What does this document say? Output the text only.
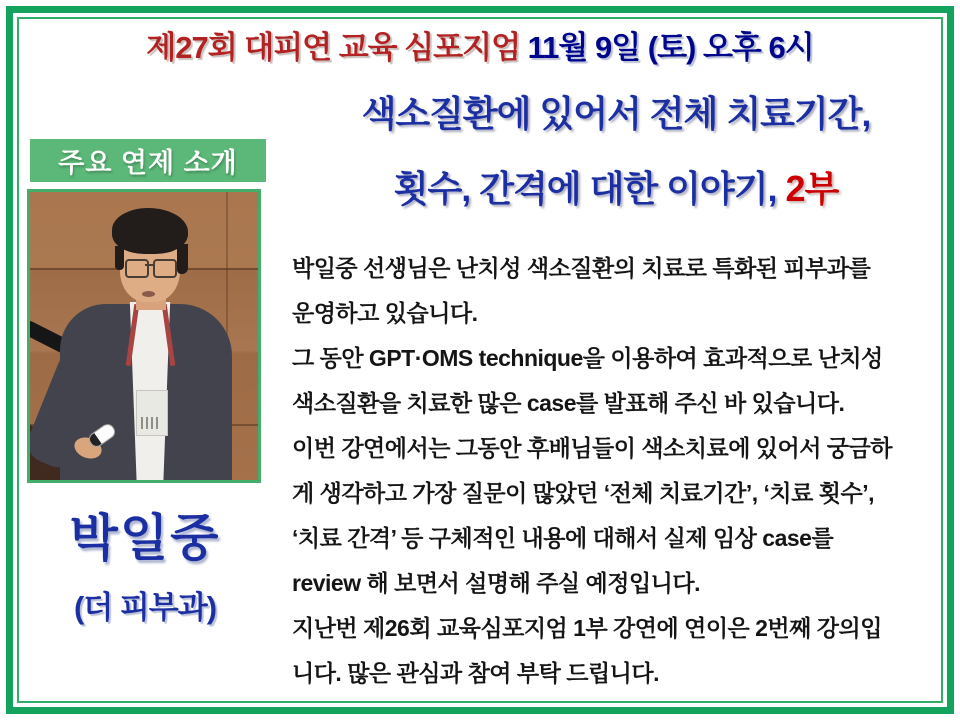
제27회 대피연 교육 심포지엄 11월 9일 (토) 오후 6시
주요 연제 소개
박일중
(더 피부과)
색소질환에 있어서 전체 치료기간,
횟수, 간격에 대한 이야기, 2부
박일중 선생님은 난치성 색소질환의 치료로 특화된 피부과를
운영하고 있습니다.
그 동안 GPT·OMS technique을 이용하여 효과적으로 난치성
색소질환을 치료한 많은 case를 발표해 주신 바 있습니다.
이번 강연에서는 그동안 후배님들이 색소치료에 있어서 궁금하
게 생각하고 가장 질문이 많았던 ‘전체 치료기간’, ‘치료 횟수’,
‘치료 간격’ 등 구체적인 내용에 대해서 실제 임상 case를
review 해 보면서 설명해 주실 예정입니다.
지난번 제26회 교육심포지엄 1부 강연에 연이은 2번째 강의입
니다. 많은 관심과 참여 부탁 드립니다.
